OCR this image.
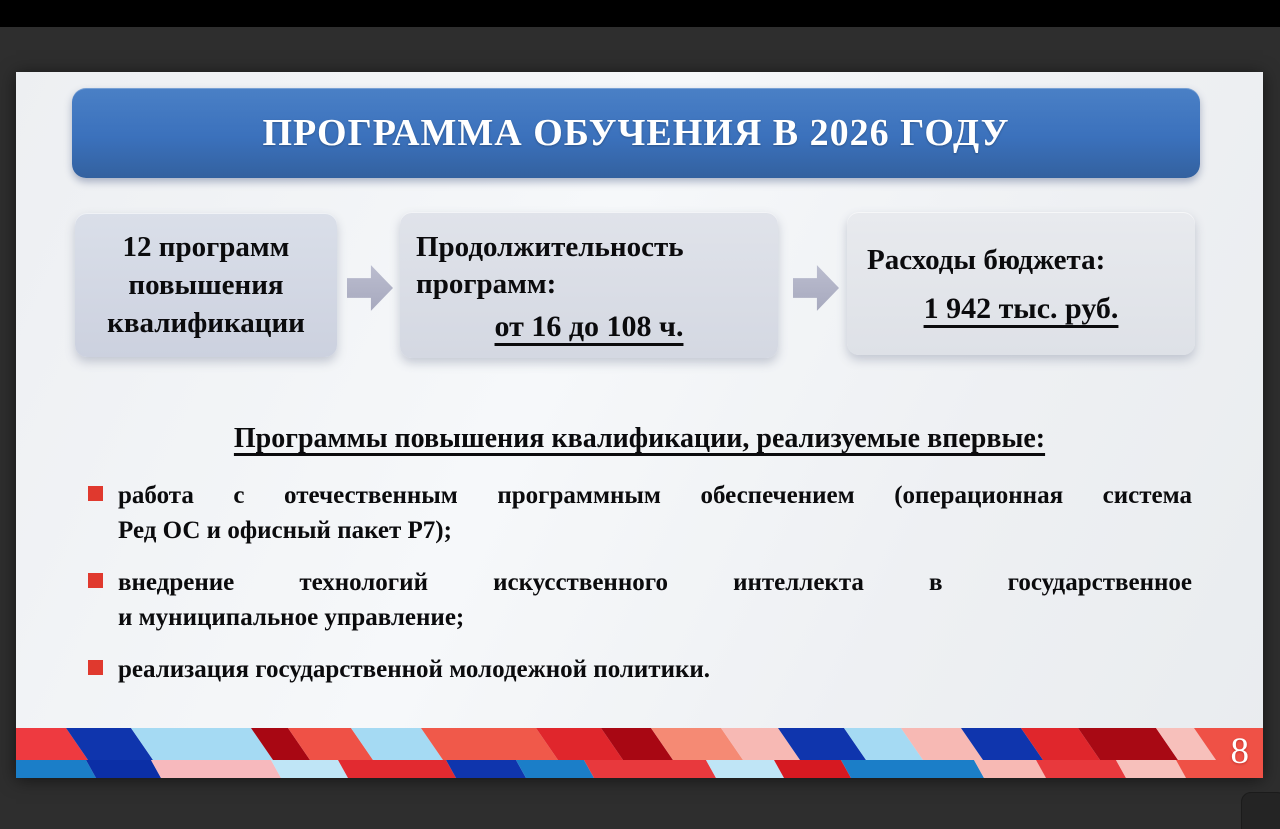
ПРОГРАММА ОБУЧЕНИЯ В 2026 ГОДУ
12 программ
повышения
квалификации
Продолжительность
программ:
от 16 до 108 ч.
Расходы бюджета:
1 942 тыс. руб.
Программы повышения квалификации, реализуемые впервые:
работа с отечественным программным обеспечением (операционная система
Ред ОС и офисный пакет Р7);
внедрение технологий искусственного интеллекта в государственное
и муниципальное управление;
реализация государственной молодежной политики.
8
